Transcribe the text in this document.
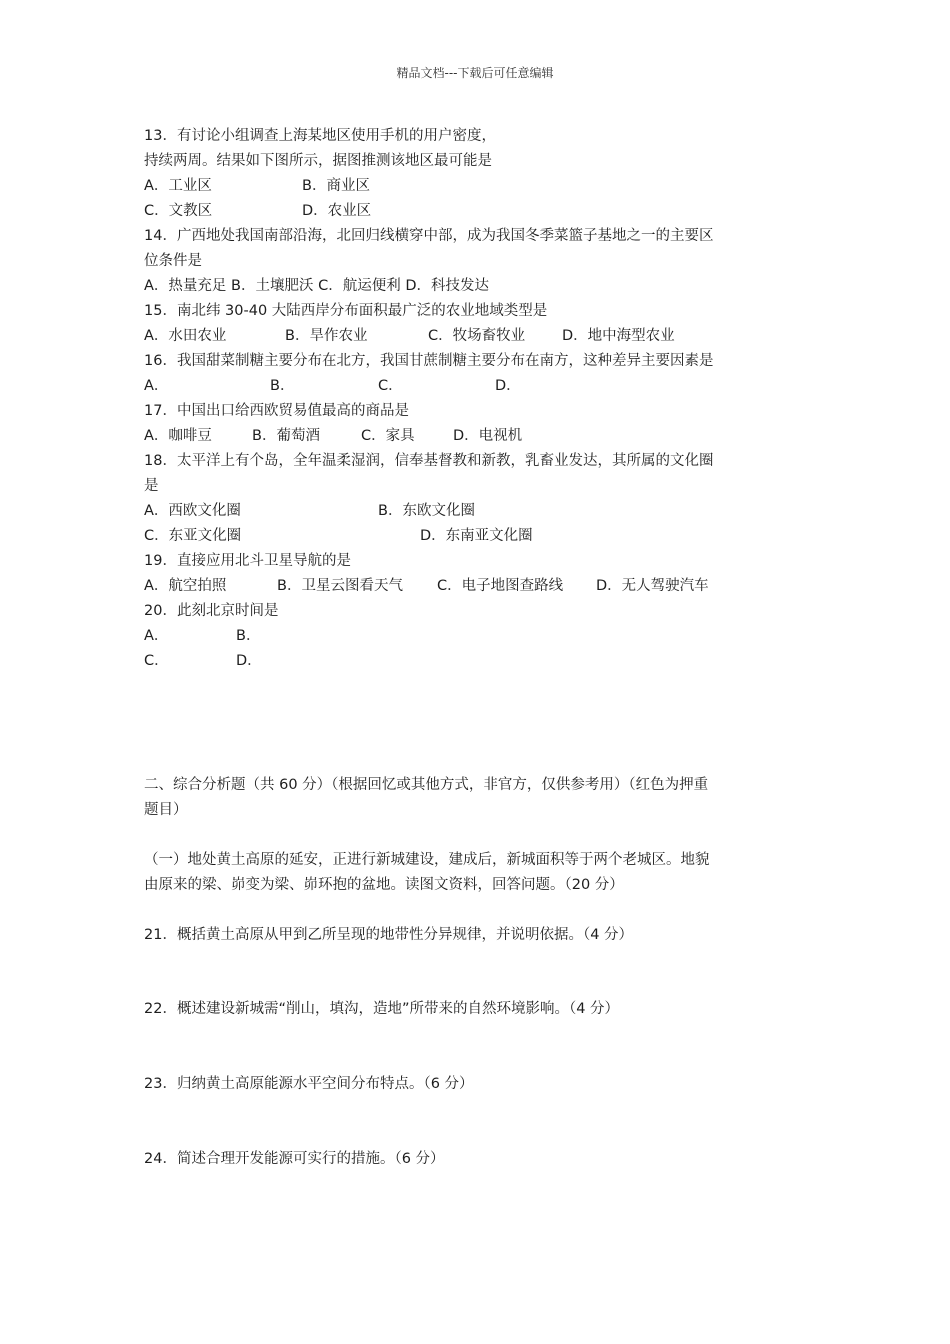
精品文档---下载后可任意编辑
13．有讨论小组调查上海某地区使用手机的用户密度，
持续两周。结果如下图所示，据图推测该地区最可能是
A．工业区	B．商业区
C．文教区	D．农业区
14．广西地处我国南部沿海，北回归线横穿中部，成为我国冬季菜篮子基地之一的主要区
位条件是
A．热量充足 B．土壤肥沃 C．航运便利 D．科技发达
15．南北纬 30-40 大陆西岸分布面积最广泛的农业地域类型是
A．水田农业	B．旱作农业	C．牧场畜牧业	D．地中海型农业
16．我国甜菜制糖主要分布在北方，我国甘蔗制糖主要分布在南方，这种差异主要因素是
A．	B．	C．	D．
17．中国出口给西欧贸易值最高的商品是
A．咖啡豆	B．葡萄酒	C．家具	D．电视机
18．太平洋上有个岛，全年温柔湿润，信奉基督教和新教，乳畜业发达，其所属的文化圈
是
A．西欧文化圈	B．东欧文化圈
C．东亚文化圈	D．东南亚文化圈
19．直接应用北斗卫星导航的是
A．航空拍照	B．卫星云图看天气 C．电子地图查路线 D．无人驾驶汽车
20．此刻北京时间是
A．	B．
C．	D．
二、综合分析题（共 60 分）（根据回忆或其他方式，非官方，仅供参考用）（红色为押重
题目）
（一）地处黄土高原的延安，正进行新城建设，建成后，新城面积等于两个老城区。地貌
由原来的梁、峁变为梁、峁环抱的盆地。读图文资料，回答问题。（20 分）
21．概括黄土高原从甲到乙所呈现的地带性分异规律，并说明依据。（4 分）
22．概述建设新城需“削山，填沟，造地”所带来的自然环境影响。（4 分）
23．归纳黄土高原能源水平空间分布特点。（6 分）
24．简述合理开发能源可实行的措施。（6 分）
